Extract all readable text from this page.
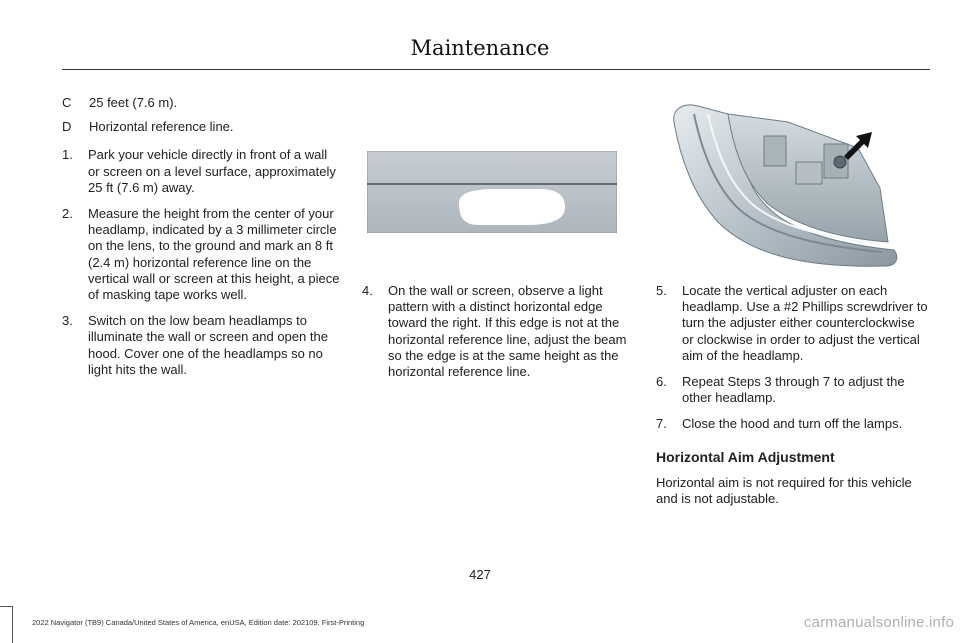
Maintenance
C	25 feet (7.6 m).
D	Horizontal reference line.
1.	Park your vehicle directly in front of a wall or screen on a level surface, approximately 25 ft (7.6 m) away.
2.	Measure the height from the center of your headlamp, indicated by a 3 millimeter circle on the lens, to the ground and mark an 8 ft (2.4 m) horizontal reference line on the vertical wall or screen at this height, a piece of masking tape works well.
3.	Switch on the low beam headlamps to illuminate the wall or screen and open the hood. Cover one of the headlamps so no light hits the wall.
4.	On the wall or screen, observe a light pattern with a distinct horizontal edge toward the right. If this edge is not at the horizontal reference line, adjust the beam so the edge is at the same height as the horizontal reference line.
5.	Locate the vertical adjuster on each headlamp. Use a #2 Phillips screwdriver to turn the adjuster either counterclockwise or clockwise in order to adjust the vertical aim of the headlamp.
6.	Repeat Steps 3 through 7 to adjust the other headlamp.
7.	Close the hood and turn off the lamps.
Horizontal Aim Adjustment

Horizontal aim is not required for this vehicle and is not adjustable.

427
2022 Navigator (TB9) Canada/United States of America, enUSA, Edition date: 202109, First-Printing	carmanualsonline.info
